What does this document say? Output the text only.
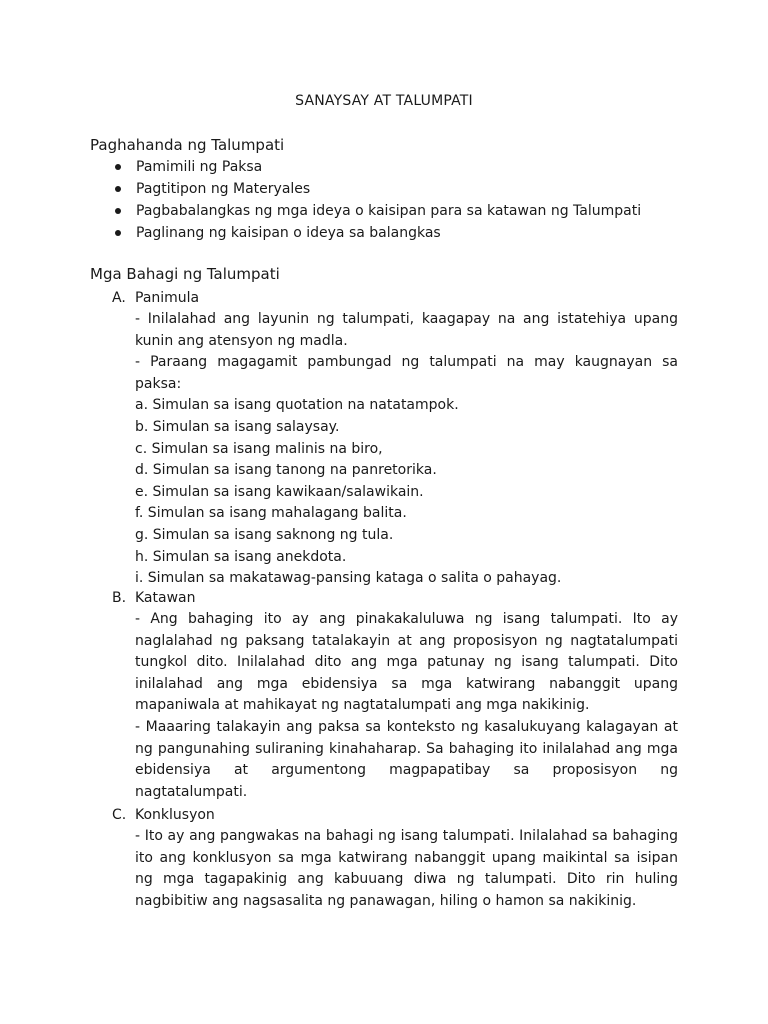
SANAYSAY AT TALUMPATI
Paghahanda ng Talumpati
Pamimili ng Paksa
Pagtitipon ng Materyales
Pagbabalangkas ng mga ideya o kaisipan para sa katawan ng Talumpati
Paglinang ng kaisipan o ideya sa balangkas
Mga Bahagi ng Talumpati
A. Panimula

- Inilalahad ang layunin ng talumpati, kaagapay na ang istatehiya upang kunin ang atensyon ng madla.

- Paraang magagamit pambungad ng talumpati na may kaugnayan sa paksa:

a. Simulan sa isang quotation na natatampok.
b. Simulan sa isang salaysay.
c. Simulan sa isang malinis na biro,
d. Simulan sa isang tanong na panretorika.
e. Simulan sa isang kawikaan/salawikain.
f. Simulan sa isang mahalagang balita.
g. Simulan sa isang saknong ng tula.
h. Simulan sa isang anekdota.
i. Simulan sa makatawag-pansing kataga o salita o pahayag.
B. Katawan

- Ang bahaging ito ay ang pinakakaluluwa ng isang talumpati. Ito ay naglalahad ng paksang tatalakayin at ang proposisyon ng nagtatalumpati tungkol dito. Inilalahad dito ang mga patunay ng isang talumpati. Dito inilalahad ang mga ebidensiya sa mga katwirang nabanggit upang mapaniwala at mahikayat ng nagtatalumpati ang mga nakikinig.

- Maaaring talakayin ang paksa sa konteksto ng kasalukuyang kalagayan at ng pangunahing suliraning kinahaharap. Sa bahaging ito inilalahad ang mga ebidensiya at argumentong magpapatibay sa proposisyon ng nagtatalumpati.

C. Konklusyon

- Ito ay ang pangwakas na bahagi ng isang talumpati. Inilalahad sa bahaging ito ang konklusyon sa mga katwirang nabanggit upang maikintal sa isipan ng mga tagapakinig ang kabuuang diwa ng talumpati. Dito rin huling nagbibitiw ang nagsasalita ng panawagan, hiling o hamon sa nakikinig.
